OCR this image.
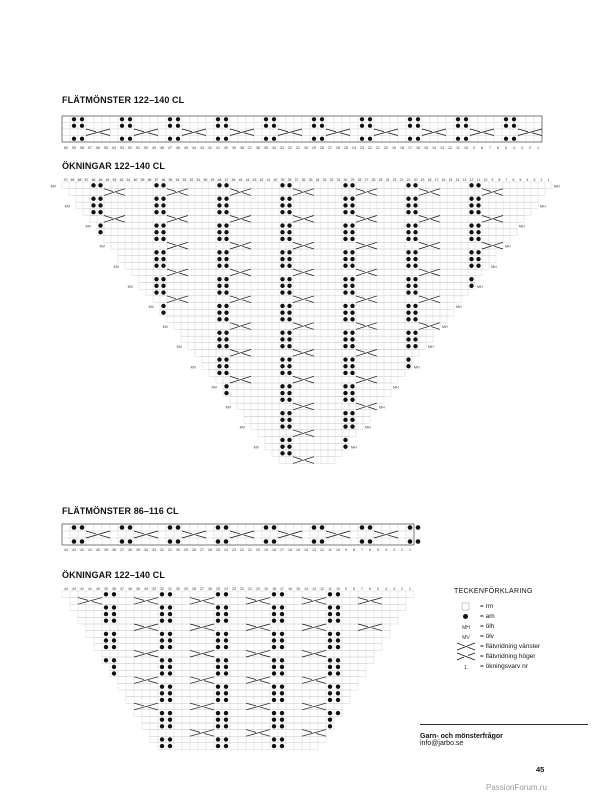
FLÄTMÖNSTER 122–140 CL
60 59 58 57 56 55 54 53 52 51 50 49 48 47 46 45 44 43 42 41 40 39 38 37 36 35 34 33 32 31 30 29 28 27 26 25 24 23 22 21 20 19 18 17 16 15 14 13 12 11 10 9 8 7 6 5 4 3 2 1
ÖKNINGAR 122–140 CL
70 69 68 67 66 65 64 63 62 61 60 59 58 57 56 55 54 53 52 51 50 49 48 47 46 45 44 43 42 41 40 39 38 37 36 35 34 33 32 31 30 29 28 27 26 25 24 23 22 21 20 19 18 17 16 15 14 13 12 11 10 9 8 7 6 5 4 3 2 1
MV	MH
MV	MH
MV	MH
MV	MH
MV	MH
MV	MH
MV	MH
MV	MH
MV	MH
MV	MH
MV	MH
MV	MH
MV	MH
MV	MH
FLÄTMÖNSTER 86–116 CL
44 43 42 41 40 39 38 37 36 35 34 33 32 31 30 29 28 27 26 25 24 23 22 21 20 19 18 17 16 15 14 13 12 11 10 9 8 7 6 5 4 3 2 1
ÖKNINGAR 122–140 CL
44 43 42 41 40 39 38 37 36 35 34 33 32 31 30 29 28 27 26 25 24 23 22 21 20 19 18 17 16 15 14 13 12 11 10 9 8 7 6 5 4 3 2 1	TECKENFÖRKLARING
= rm
= am
MH = ölh
MV = ölv
= flätvridning vänster
= flätvridning höger
1. = ökningsvarv nr
Garn- och mönsterfrågor
info@jarbo.se
45
PassionForum.ru
